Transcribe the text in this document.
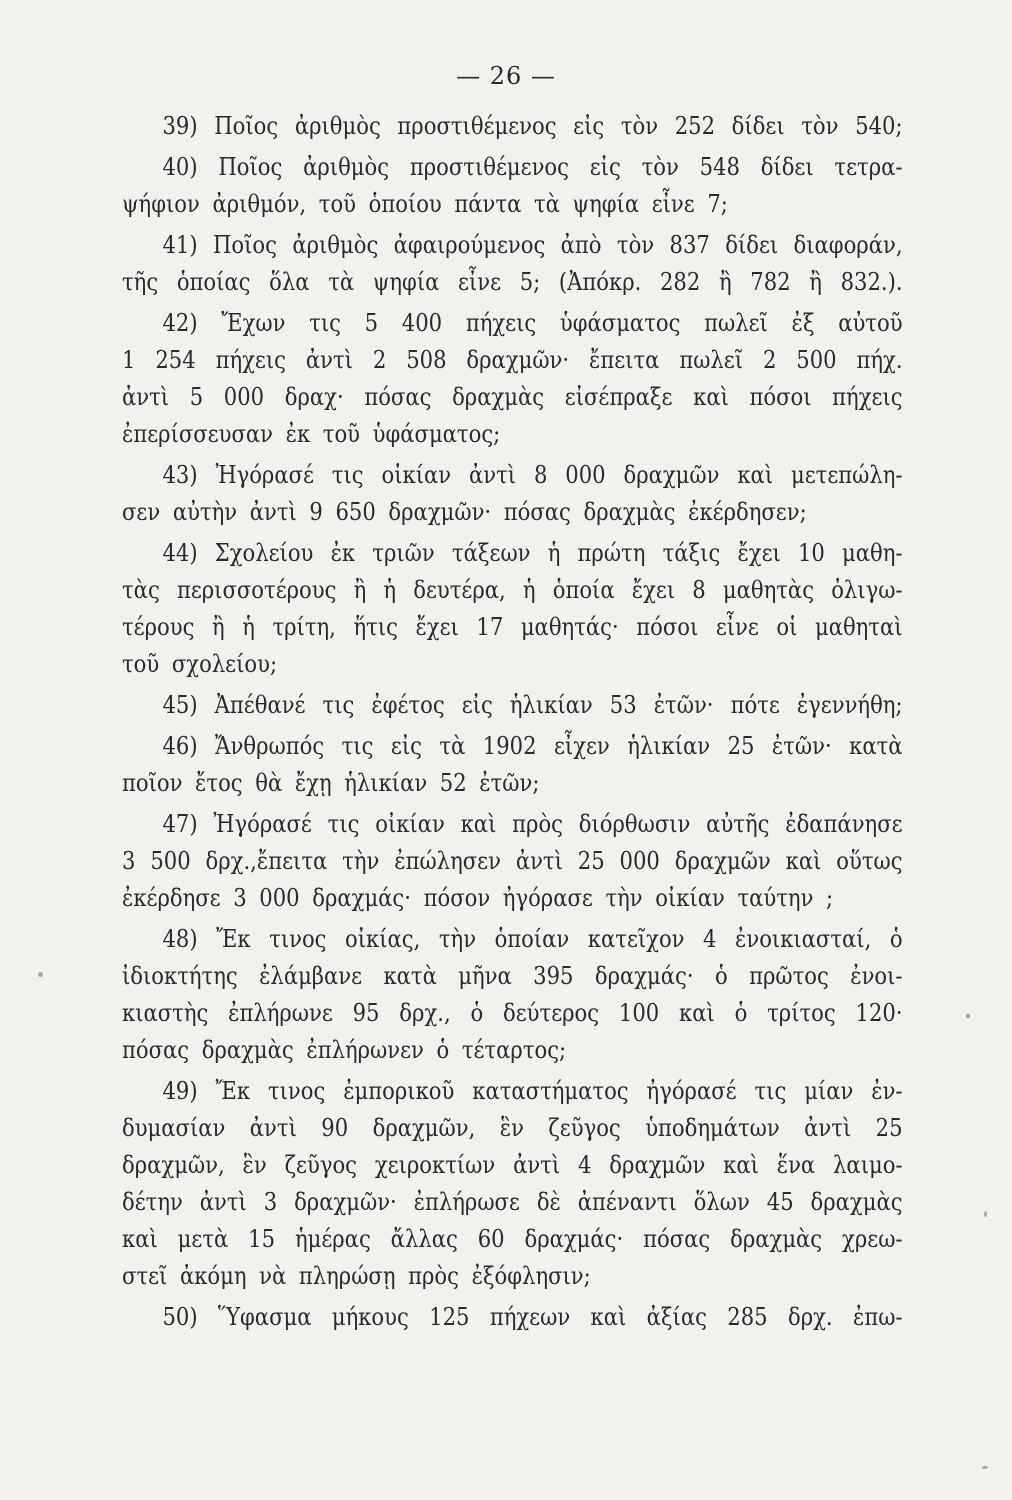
— 26 —
39) Ποῖος ἀριθμὸς προστιθέμενος εἰς τὸν 252 δίδει τὸν 540;
40) Ποῖος ἀριθμὸς προστιθέμενος εἰς τὸν 548 δίδει τετρα-
ψήφιον ἀριθμόν, τοῦ ὁποίου πάντα τὰ ψηφία εἶνε 7;
41) Ποῖος ἀριθμὸς ἀφαιρούμενος ἀπὸ τὸν 837 δίδει διαφοράν,
τῆς ὁποίας ὅλα τὰ ψηφία εἶνε 5; (Ἀπόκρ. 282 ἢ 782 ἢ 832.).
42) Ἔχων τις 5 400 πήχεις ὑφάσματος πωλεῖ ἐξ αὐτοῦ
1 254 πήχεις ἀντὶ 2 508 δραχμῶν· ἔπειτα πωλεῖ 2 500 πήχ.
ἀντὶ 5 000 δραχ· πόσας δραχμὰς εἰσέπραξε καὶ πόσοι πήχεις
ἐπερίσσευσαν ἐκ τοῦ ὑφάσματος;
43) Ἠγόρασέ τις οἰκίαν ἀντὶ 8 000 δραχμῶν καὶ μετεπώλη-
σεν αὐτὴν ἀντὶ 9 650 δραχμῶν· πόσας δραχμὰς ἐκέρδησεν;
44) Σχολείου ἐκ τριῶν τάξεων ἡ πρώτη τάξις ἔχει 10 μαθη-
τὰς περισσοτέρους ἢ ἡ δευτέρα, ἡ ὁποία ἔχει 8 μαθητὰς ὀλιγω-
τέρους ἢ ἡ τρίτη, ἥτις ἔχει 17 μαθητάς· πόσοι εἶνε οἱ μαθηταὶ
τοῦ σχολείου;
45) Ἀπέθανέ τις ἐφέτος εἰς ἡλικίαν 53 ἐτῶν· πότε ἐγεννήθη;
46) Ἄνθρωπός τις εἰς τὰ 1902 εἶχεν ἡλικίαν 25 ἐτῶν· κατὰ
ποῖον ἔτος θὰ ἔχῃ ἡλικίαν 52 ἐτῶν;
47) Ἠγόρασέ τις οἰκίαν καὶ πρὸς διόρθωσιν αὐτῆς ἐδαπάνησε
3 500 δρχ.,ἔπειτα τὴν ἐπώλησεν ἀντὶ 25 000 δραχμῶν καὶ οὕτως
ἐκέρδησε 3 000 δραχμάς· πόσον ἠγόρασε τὴν οἰκίαν ταύτην ;
48) Ἔκ τινος οἰκίας, τὴν ὁποίαν κατεῖχον 4 ἐνοικιασταί, ὁ
ἰδιοκτήτης ἐλάμβανε κατὰ μῆνα 395 δραχμάς· ὁ πρῶτος ἐνοι-
κιαστὴς ἐπλήρωνε 95 δρχ., ὁ δεύτερος 100 καὶ ὁ τρίτος 120·
πόσας δραχμὰς ἐπλήρωνεν ὁ τέταρτος;
49) Ἔκ τινος ἐμπορικοῦ καταστήματος ἠγόρασέ τις μίαν ἐν-
δυμασίαν ἀντὶ 90 δραχμῶν, ἓν ζεῦγος ὑποδημάτων ἀντὶ 25
δραχμῶν, ἓν ζεῦγος χειροκτίων ἀντὶ 4 δραχμῶν καὶ ἕνα λαιμο-
δέτην ἀντὶ 3 δραχμῶν· ἐπλήρωσε δὲ ἀπέναντι ὅλων 45 δραχμὰς
καὶ μετὰ 15 ἡμέρας ἄλλας 60 δραχμάς· πόσας δραχμὰς χρεω-
στεῖ ἀκόμη νὰ πληρώσῃ πρὸς ἐξόφλησιν;
50) Ὕφασμα μήκους 125 πήχεων καὶ ἀξίας 285 δρχ. ἐπω-
